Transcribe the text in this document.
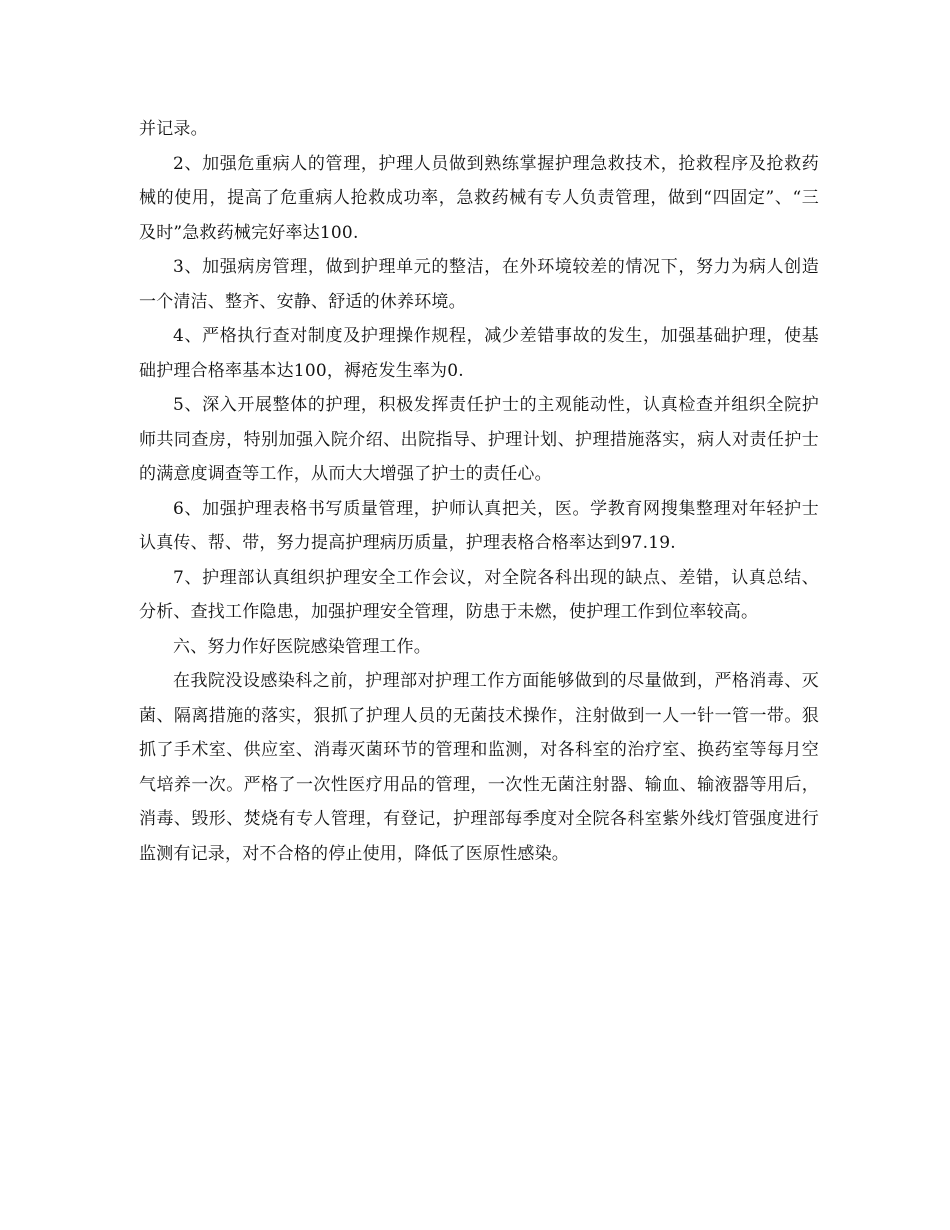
并记录。

2、加强危重病人的管理，护理人员做到熟练掌握护理急救技术，抢救程序及抢救药械的使用，提高了危重病人抢救成功率，急救药械有专人负责管理，做到“四固定”、“三及时”急救药械完好率达100.

3、加强病房管理，做到护理单元的整洁，在外环境较差的情况下，努力为病人创造一个清洁、整齐、安静、舒适的休养环境。

4、严格执行查对制度及护理操作规程，减少差错事故的发生，加强基础护理，使基础护理合格率基本达100，褥疮发生率为0.

5、深入开展整体的护理，积极发挥责任护士的主观能动性，认真检查并组织全院护师共同查房，特别加强入院介绍、出院指导、护理计划、护理措施落实，病人对责任护士的满意度调查等工作，从而大大增强了护士的责任心。

6、加强护理表格书写质量管理，护师认真把关，医。学教育网搜集整理对年轻护士认真传、帮、带，努力提高护理病历质量，护理表格合格率达到97.19.

7、护理部认真组织护理安全工作会议，对全院各科出现的缺点、差错，认真总结、分析、查找工作隐患，加强护理安全管理，防患于未燃，使护理工作到位率较高。

六、努力作好医院感染管理工作。

在我院没设感染科之前，护理部对护理工作方面能够做到的尽量做到，严格消毒、灭菌、隔离措施的落实，狠抓了护理人员的无菌技术操作，注射做到一人一针一管一带。狠抓了手术室、供应室、消毒灭菌环节的管理和监测，对各科室的治疗室、换药室等每月空气培养一次。严格了一次性医疗用品的管理，一次性无菌注射器、输血、输液器等用后，消毒、毁形、焚烧有专人管理，有登记，护理部每季度对全院各科室紫外线灯管强度进行监测有记录，对不合格的停止使用，降低了医原性感染。
